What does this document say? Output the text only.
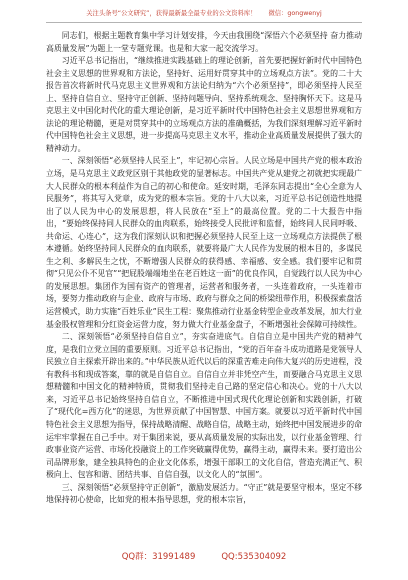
关注头条号“公文研究”，获得最新最全最专业的公文资料库！ 微信：gongwenyj

同志们，根据主题教育集中学习计划安排，今天由我围绕“深悟六个必须坚持 奋力推动高质量发展”为题上一堂专题党课。也是和大家一起交流学习。

习近平总书记指出，“继续推进实践基础上的理论创新，首先要把握好新时代中国特色社会主义思想的世界观和方法论，坚持好、运用好贯穿其中的立场观点方法”。党的二十大报告首次将新时代马克思主义世界观和方法论归纳为“六个必须坚持”，即必须坚持人民至上、坚持自信自立、坚持守正创新、坚持问题导向、坚持系统观念、坚持胸怀天下。这是马克思主义中国化时代化的重大理论创新，是习近平新时代中国特色社会主义思想世界观和方法论的理论精髓，更是对贯穿其中的立场观点方法的准确概括，为我们深刻理解习近平新时代中国特色社会主义思想，进一步提高马克思主义水平，推动企业高质量发展提供了强大的精神动力。

一、深刻领悟“必须坚持人民至上”，牢记初心宗旨。人民立场是中国共产党的根本政治立场，是马克思主义政党区别于其他政党的显著标志。中国共产党从建党之初就把实现最广大人民群众的根本利益作为自己的初心和使命。延安时期，毛泽东同志提出“全心全意为人民服务”，将其写入党章，成为党的根本宗旨。党的十八大以来，习近平总书记创造性地提出了以人民为中心的发展思想，将人民放在“至上”的最高位置。党的二十大报告中指出，“要始终保持同人民群众的血肉联系，始终接受人民批评和监督，始终同人民同呼吸、共命运、心连心”，这为我们深刻认识和把握必须坚持人民至上这一立场观点方法提供了根本遵循。始终坚持同人民群众的血肉联系，就要将最广大人民作为发展的根本目的，多谋民生之利、多解民生之忧，不断增强人民群众的获得感、幸福感、安全感。我们要牢记和贯彻“只见公仆不见官”“把屁股端端地坐在老百姓这一面”的优良作风，自觉践行以人民为中心的发展思想。集团作为国有资产的管理者，运营者和服务者，一头连着政府，一头连着市场，要努力推动政府与企业、政府与市场、政府与群众之间的桥梁纽带作用，积极探索盘活运营模式，助力实施“百姓乐业”民生工程：聚焦推动行业基金转型企业改革发展，加大行业基金股权管理和分红资金运营力度，努力做大行业基金盘子，不断增强社会保障可持续性。

二、深刻领悟“必须坚持自信自立”，夯实奋进底气。自信自立是中国共产党的精神气度，是我们立党立国的重要原则。习近平总书记指出，“党的百年奋斗成功道路是党领导人民独立自主探索开辟出来的。”中华民族从近代以后的深重苦难走向伟大复兴的历史进程，没有教科书和现成答案，靠的就是自信自立。自信自立并非凭空产生，而要融合马克思主义思想精髓和中国文化的精神特质，贯彻我们坚持走自己路的坚定信心和决心。党的十八大以来，习近平总书记始终坚持自信自立，不断推进中国式现代化理论创新和实践创新，打破了“现代化=西方化”的迷思，为世界贡献了中国智慧、中国方案。就要以习近平新时代中国特色社会主义思想为指导，保持战略清醒、战略自信，战略主动，始终把中国发展进步的命运牢牢掌握在自己手中。对于集团来说，要从高质量发展的实际出发，以行业基金管理、行政事业资产运营、市场化投融资上的工作突破赢得优势，赢得主动，赢得未来。要打造出公司品牌形象，建全独具特色的企业文化体系，增强干部职工的文化自信，营造充满正气、积极向上、包容和谐、团结共事、自信自强，以文化人的“氛围”。

三、深刻领悟“必须坚持守正创新”，激励发展活力。“守正”就是要坚守根本，坚定不移地保持初心使命，比如党的根本指导思想，党的根本宗旨，

QQ群：31991489	QQ:535304092
